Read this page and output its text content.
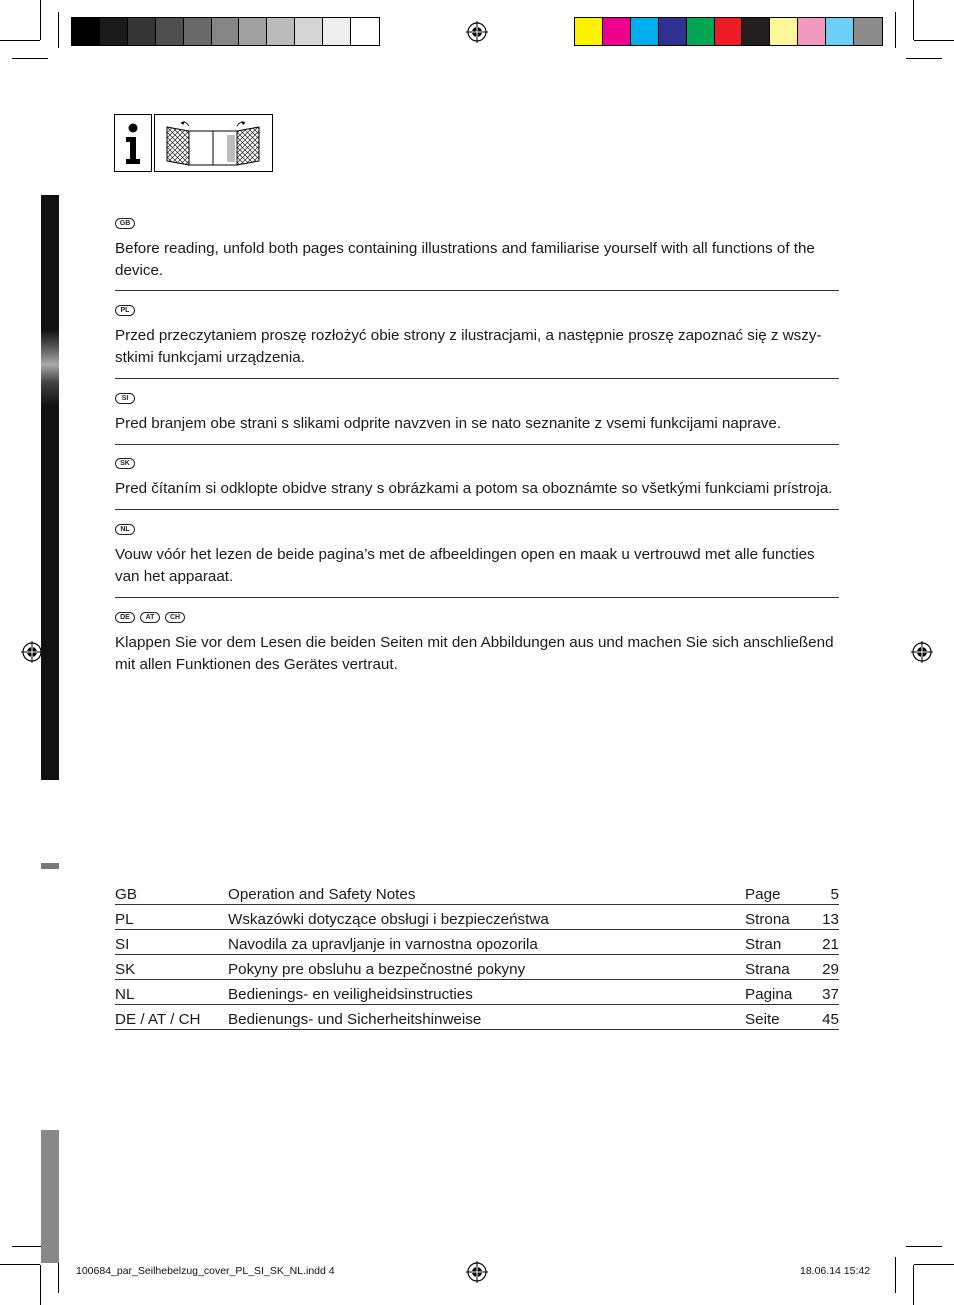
GB

Before reading, unfold both pages containing illustrations and familiarise yourself with all functions of the device.

PL

Przed przeczytaniem proszę rozłożyć obie strony z ilustracjami, a następnie proszę zapoznać się z wszy-stkimi funkcjami urządzenia.

SI

Pred branjem obe strani s slikami odprite navzven in se nato seznanite z vsemi funkcijami naprave.

SK

Pred čítaním si odklopte obidve strany s obrázkami a potom sa oboznámte so všetkými funkciami prístroja.

NL

Vouw vóór het lezen de beide pagina’s met de afbeeldingen open en maak u vertrouwd met alle functies van het apparaat.

DE	AT	CH

Klappen Sie vor dem Lesen die beiden Seiten mit den Abbildungen aus und machen Sie sich anschließend mit allen Funktionen des Gerätes vertraut.

GB	Operation and Safety Notes	Page	5
PL	Wskazówki dotyczące obsługi i bezpieczeństwa	Strona	13
SI	Navodila za upravljanje in varnostna opozorila	Stran	21
SK	Pokyny pre obsluhu a bezpečnostné pokyny	Strana	29
NL	Bedienings- en veiligheidsinstructies	Pagina	37
DE / AT / CH	Bedienungs- und Sicherheitshinweise	Seite	45
100684_par_Seilhebelzug_cover_PL_SI_SK_NL.indd 4	18.06.14 15:42
